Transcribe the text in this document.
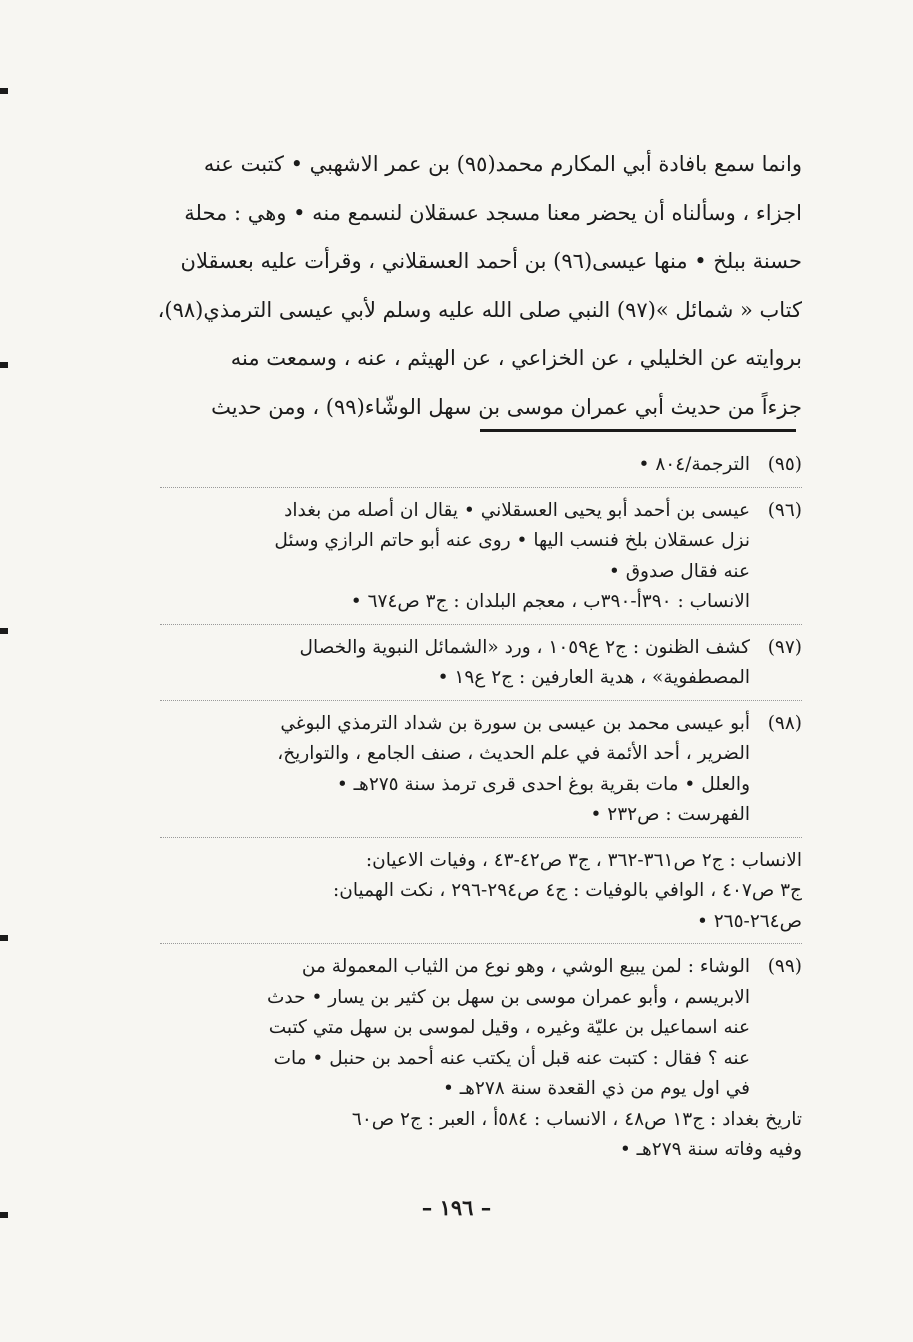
وانما سمع بافادة أبي المكارم محمد(٩٥) بن عمر الاشهبي • كتبت عنه

اجزاء ، وسألناه أن يحضر معنا مسجد عسقلان لنسمع منه • وهي : محلة

حسنة ببلخ • منها عيسى(٩٦) بن أحمد العسقلاني ، وقرأت عليه بعسقلان

كتاب « شمائل »(٩٧) النبي صلى الله عليه وسلم لأبي عيسى الترمذي(٩٨)،

بروايته عن الخليلي ، عن الخزاعي ، عن الهيثم ، عنه ، وسمعت منه

جزءاً من حديث أبي عمران موسى بن سهل الوشّاء(٩٩) ، ومن حديث

(٩٥)
الترجمة/٨٠٤ •
(٩٦)
عيسى بن أحمد أبو يحيى العسقلاني • يقال ان أصله من بغداد
نزل عسقلان بلخ فنسب اليها • روى عنه أبو حاتم الرازي وسئل
عنه فقال صدوق •
الانساب : ٣٩٠أ-٣٩٠ب ، معجم البلدان : ج٣ ص٦٧٤ •
(٩٧)
كشف الظنون : ج٢ ع١٠٥٩ ، ورد «الشمائل النبوية والخصال
المصطفوية» ، هدية العارفين : ج٢ ع١٩ •
(٩٨)
أبو عيسى محمد بن عيسى بن سورة بن شداد الترمذي البوغي
الضرير ، أحد الأئمة في علم الحديث ، صنف الجامع ، والتواريخ،
والعلل • مات بقرية بوغ احدى قرى ترمذ سنة ٢٧٥هـ •
الفهرست : ص٢٣٢ •
الانساب : ج٢ ص٣٦١-٣٦٢ ، ج٣ ص٤٢-٤٣ ، وفيات الاعيان:
ج٣ ص٤٠٧ ، الوافي بالوفيات : ج٤ ص٢٩٤-٢٩٦ ، نكت الهميان:
ص٢٦٤-٢٦٥ •
(٩٩)
الوشاء : لمن يبيع الوشي ، وهو نوع من الثياب المعمولة من
الابريسم ، وأبو عمران موسى بن سهل بن كثير بن يسار • حدث
عنه اسماعيل بن عليّة وغيره ، وقيل لموسى بن سهل متي كتبت
عنه ؟ فقال : كتبت عنه قبل أن يكتب عنه أحمد بن حنبل • مات
في اول يوم من ذي القعدة سنة ٢٧٨هـ •
تاريخ بغداد : ج١٣ ص٤٨ ، الانساب : ٥٨٤أ ، العبر : ج٢ ص٦٠
وفيه وفاته سنة ٢٧٩هـ •
– ١٩٦ –
